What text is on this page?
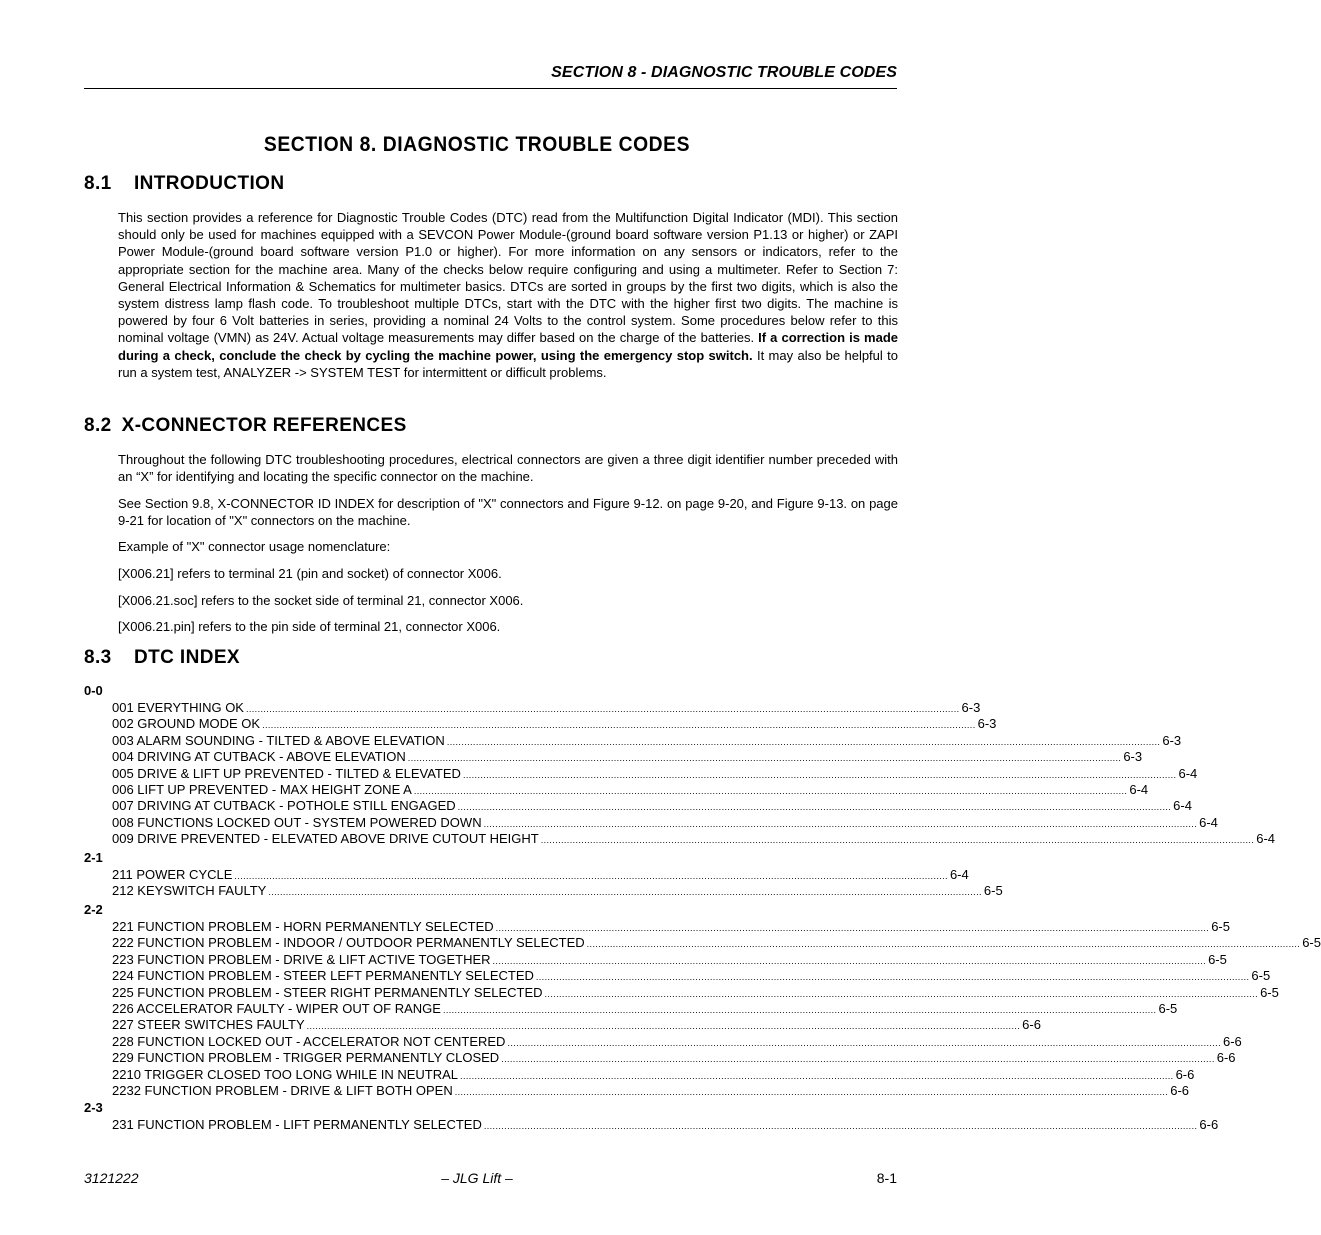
SECTION 8 - DIAGNOSTIC TROUBLE CODES
SECTION 8. DIAGNOSTIC TROUBLE CODES
8.1 INTRODUCTION

This section provides a reference for Diagnostic Trouble Codes (DTC) read from the Multifunction Digital Indicator (MDI). This section should only be used for machines equipped with a SEVCON Power Module-(ground board software version P1.13 or higher) or ZAPI Power Module-(ground board software version P1.0 or higher). For more information on any sensors or indicators, refer to the appropriate section for the machine area. Many of the checks below require configuring and using a multimeter. Refer to Section 7: General Electrical Information & Schematics for multimeter basics. DTCs are sorted in groups by the first two digits, which is also the system distress lamp flash code. To troubleshoot multiple DTCs, start with the DTC with the higher first two digits. The machine is powered by four 6 Volt batteries in series, providing a nominal 24 Volts to the control system. Some procedures below refer to this nominal voltage (VMN) as 24V. Actual voltage measurements may differ based on the charge of the batteries. If a correction is made during a check, conclude the check by cycling the machine power, using the emergency stop switch. It may also be helpful to run a system test, ANALYZER -> SYSTEM TEST for intermittent or difficult problems.

8.2 X-CONNECTOR REFERENCES

Throughout the following DTC troubleshooting procedures, electrical connectors are given a three digit identifier number preceded with an “X” for identifying and locating the specific connector on the machine.

See Section 9.8, X-CONNECTOR ID INDEX for description of "X" connectors and Figure 9-12. on page 9-20, and Figure 9-13. on page 9-21 for location of "X" connectors on the machine.

Example of "X" connector usage nomenclature:

[X006.21] refers to terminal 21 (pin and socket) of connector X006.

[X006.21.soc] refers to the socket side of terminal 21, connector X006.

[X006.21.pin] refers to the pin side of terminal 21, connector X006.

8.3 DTC INDEX
0-0
001 EVERYTHING OK ...................................................................................................................................................................................................................................................... 6-3
002 GROUND MODE OK ...................................................................................................................................................................................................................................................... 6-3
003 ALARM SOUNDING - TILTED & ABOVE ELEVATION ...................................................................................................................................................................................................................................................... 6-3
004 DRIVING AT CUTBACK - ABOVE ELEVATION ...................................................................................................................................................................................................................................................... 6-3
005 DRIVE & LIFT UP PREVENTED - TILTED & ELEVATED ...................................................................................................................................................................................................................................................... 6-4
006 LIFT UP PREVENTED - MAX HEIGHT ZONE A ...................................................................................................................................................................................................................................................... 6-4
007 DRIVING AT CUTBACK - POTHOLE STILL ENGAGED ...................................................................................................................................................................................................................................................... 6-4
008 FUNCTIONS LOCKED OUT - SYSTEM POWERED DOWN ...................................................................................................................................................................................................................................................... 6-4
009 DRIVE PREVENTED - ELEVATED ABOVE DRIVE CUTOUT HEIGHT ...................................................................................................................................................................................................................................................... 6-4
2-1
211 POWER CYCLE ...................................................................................................................................................................................................................................................... 6-4
212 KEYSWITCH FAULTY ...................................................................................................................................................................................................................................................... 6-5
2-2
221 FUNCTION PROBLEM - HORN PERMANENTLY SELECTED ...................................................................................................................................................................................................................................................... 6-5
222 FUNCTION PROBLEM - INDOOR / OUTDOOR PERMANENTLY SELECTED ...................................................................................................................................................................................................................................................... 6-5
223 FUNCTION PROBLEM - DRIVE & LIFT ACTIVE TOGETHER ...................................................................................................................................................................................................................................................... 6-5
224 FUNCTION PROBLEM - STEER LEFT PERMANENTLY SELECTED ...................................................................................................................................................................................................................................................... 6-5
225 FUNCTION PROBLEM - STEER RIGHT PERMANENTLY SELECTED ...................................................................................................................................................................................................................................................... 6-5
226 ACCELERATOR FAULTY - WIPER OUT OF RANGE ...................................................................................................................................................................................................................................................... 6-5
227 STEER SWITCHES FAULTY ...................................................................................................................................................................................................................................................... 6-6
228 FUNCTION LOCKED OUT - ACCELERATOR NOT CENTERED ...................................................................................................................................................................................................................................................... 6-6
229 FUNCTION PROBLEM - TRIGGER PERMANENTLY CLOSED ...................................................................................................................................................................................................................................................... 6-6
2210 TRIGGER CLOSED TOO LONG WHILE IN NEUTRAL ...................................................................................................................................................................................................................................................... 6-6
2232 FUNCTION PROBLEM - DRIVE & LIFT BOTH OPEN ...................................................................................................................................................................................................................................................... 6-6
2-3
231 FUNCTION PROBLEM - LIFT PERMANENTLY SELECTED ...................................................................................................................................................................................................................................................... 6-6
3121222	– JLG Lift –	8-1
